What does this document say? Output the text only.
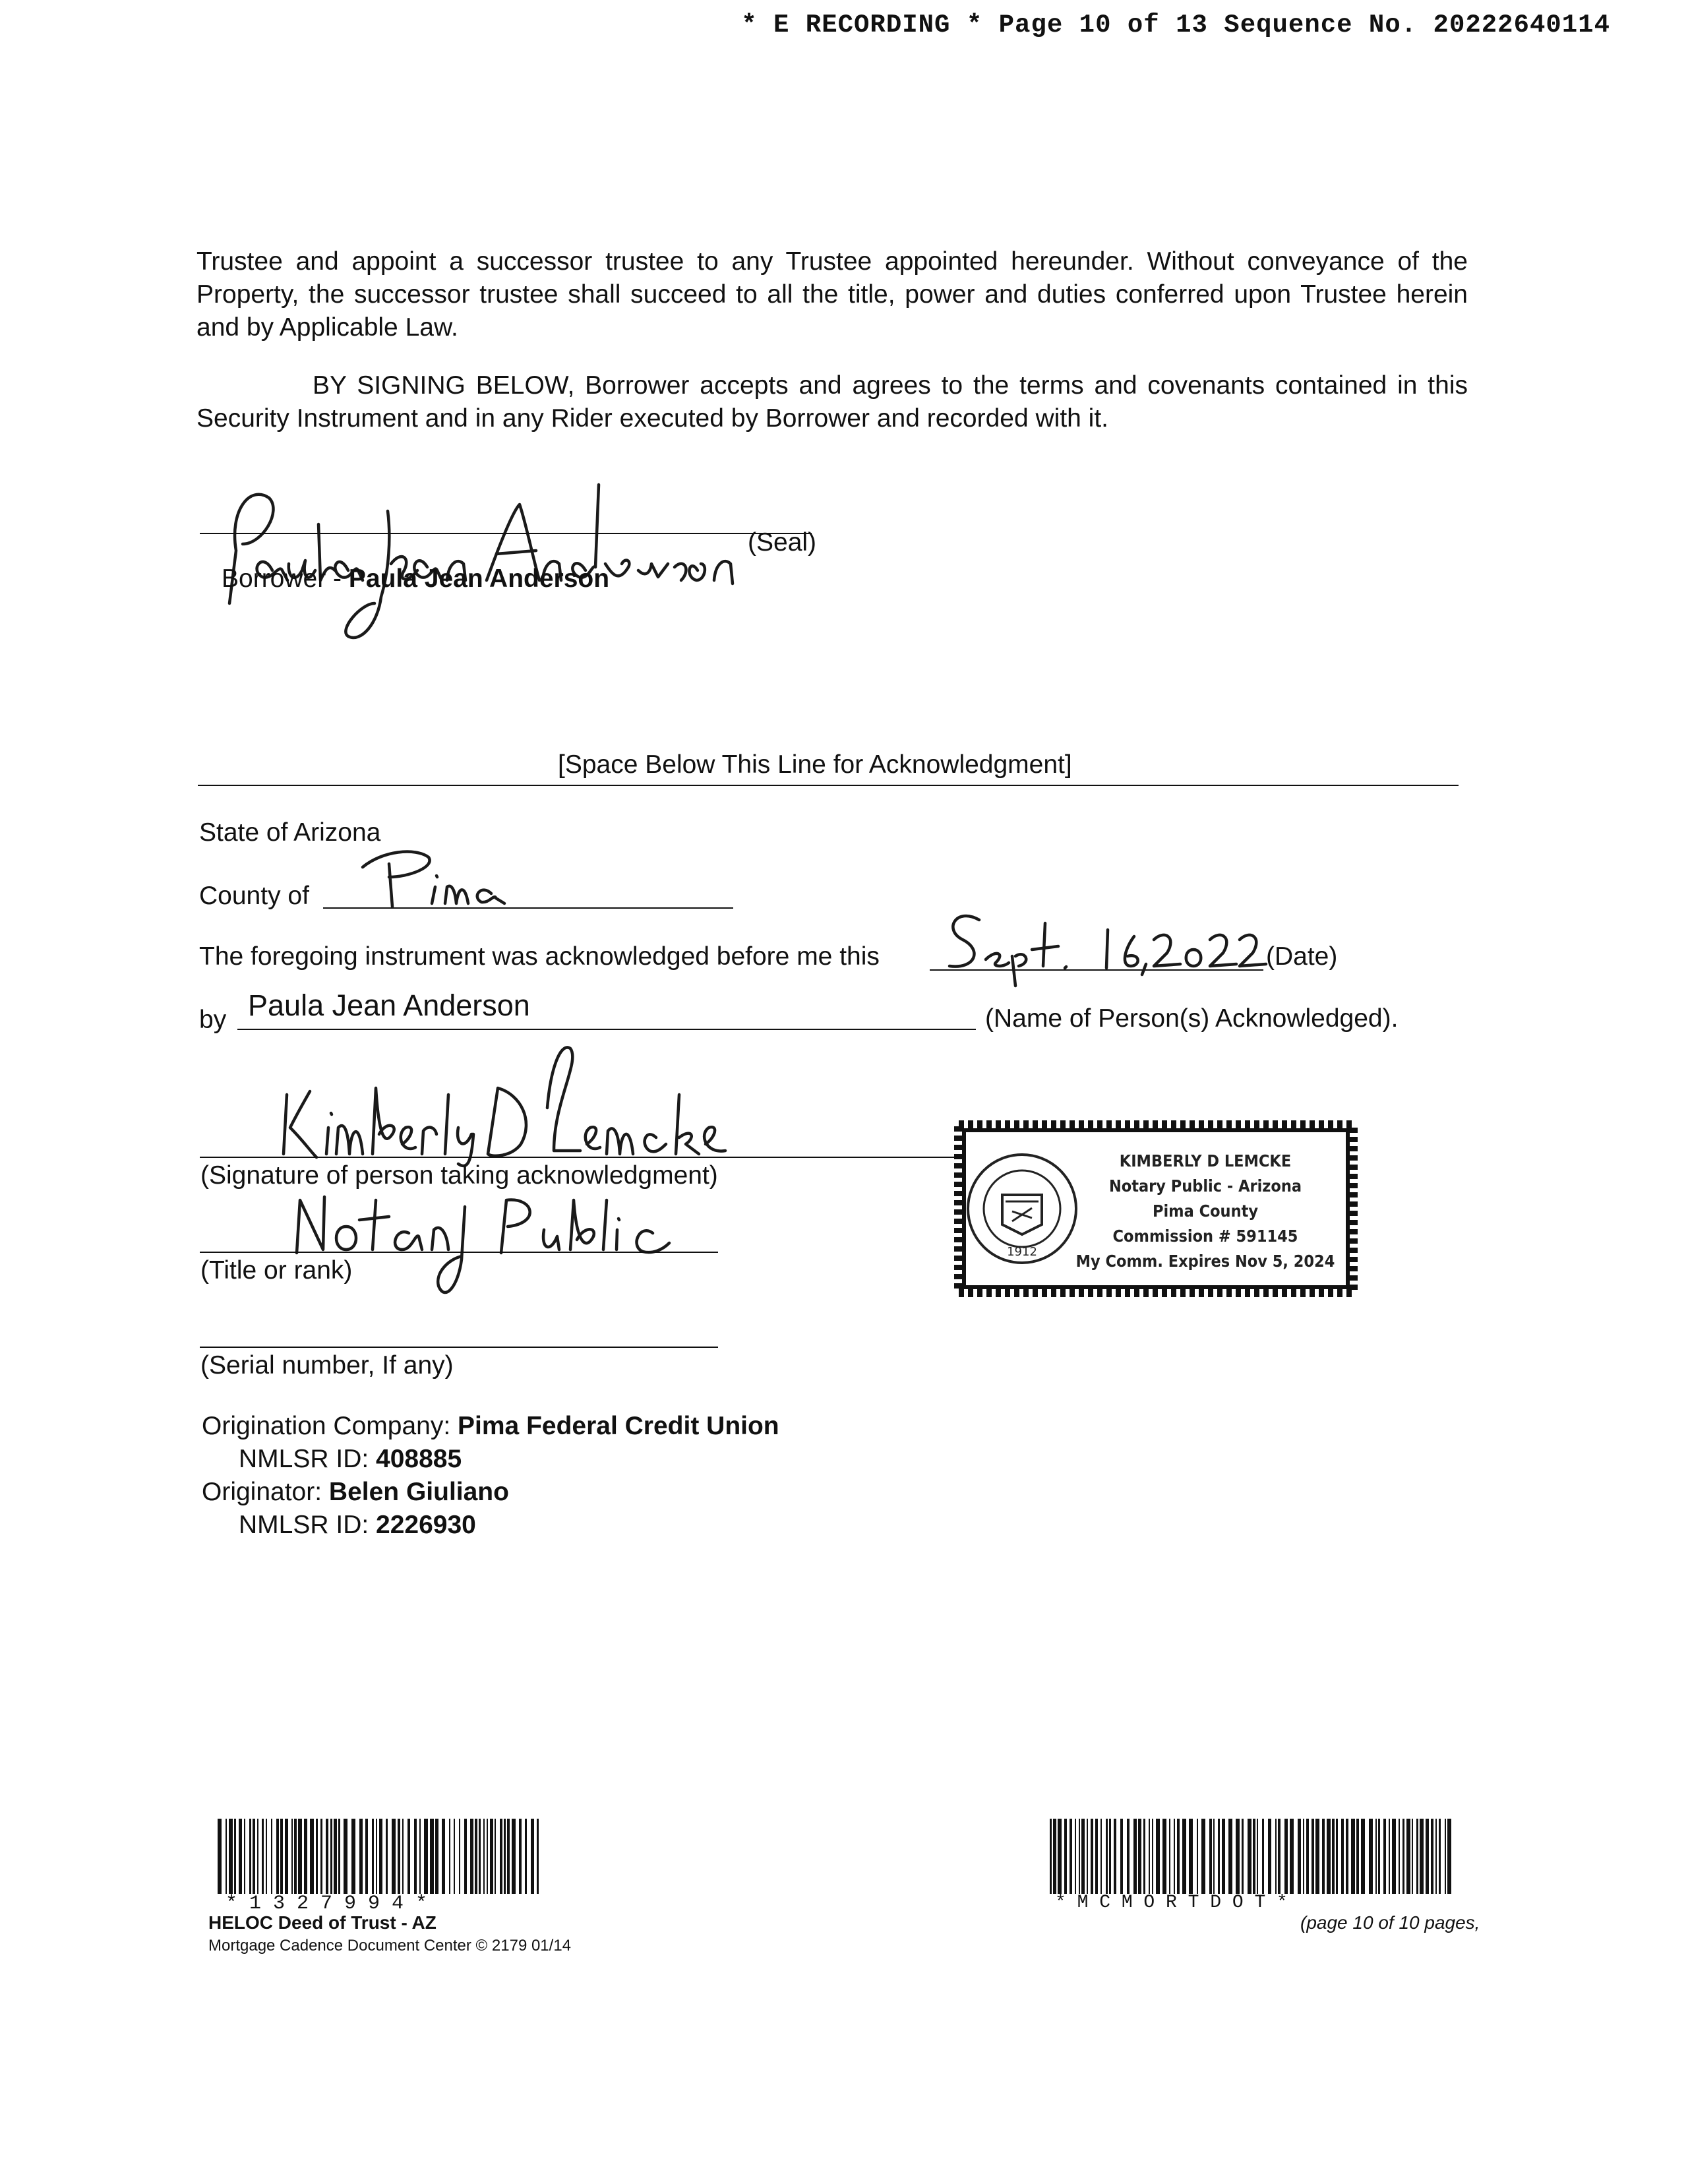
* E RECORDING * Page 10 of 13 Sequence No. 20222640114
Trustee and appoint a successor trustee to any Trustee appointed hereunder. Without conveyance of the Property, the successor trustee shall succeed to all the title, power and duties conferred upon Trustee herein and by Applicable Law.
BY SIGNING BELOW, Borrower accepts and agrees to the terms and covenants contained in this Security Instrument and in any Rider executed by Borrower and recorded with it.
(Seal)
Borrower - Paula Jean Anderson
[Space Below This Line for Acknowledgment]
State of Arizona
County of
The foregoing instrument was acknowledged before me this	(Date)
by Paula Jean Anderson	(Name of Person(s) Acknowledged).
(Signature of person taking acknowledgment)
(Title or rank)
(Serial number, If any)
1912
KIMBERLY D LEMCKE
Notary Public - Arizona
Pima County
Commission # 591145
My Comm. Expires Nov 5, 2024
Origination Company: Pima Federal Credit Union
NMLSR ID: 408885
Originator: Belen Giuliano
NMLSR ID: 2226930
* 1 3 2 7 9 9 4 *
HELOC Deed of Trust - AZ
Mortgage Cadence Document Center © 2179 01/14
* M C M O R T D O T *
(page 10 of 10 pages,
